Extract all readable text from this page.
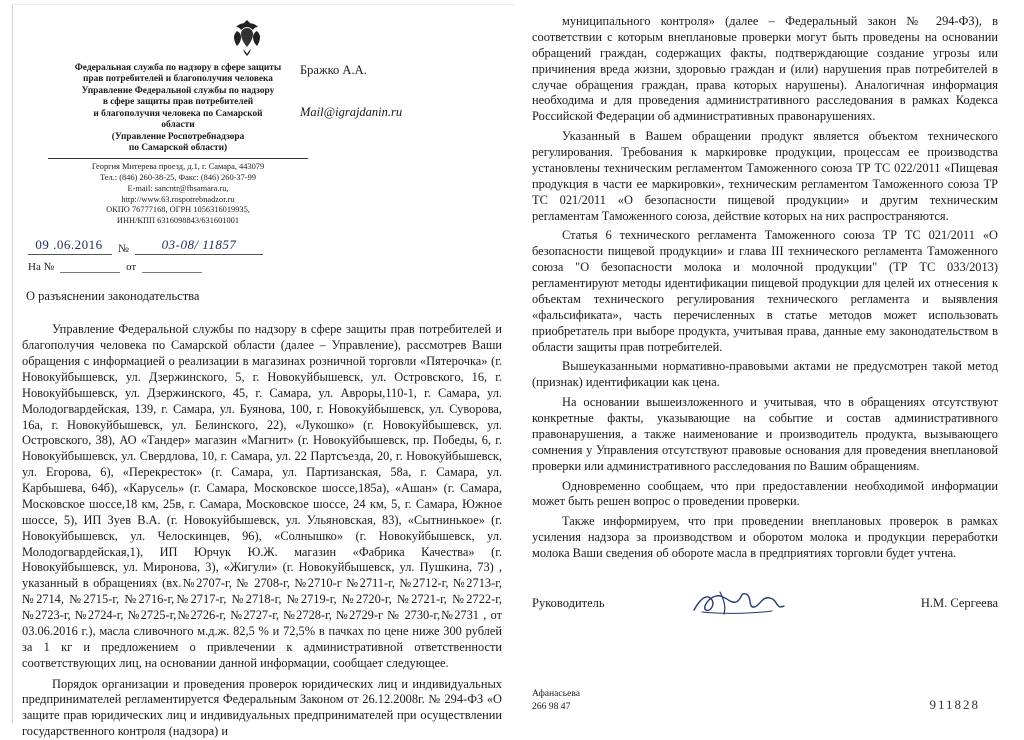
Федеральная служба по надзору в сфере защиты
прав потребителей и благополучия человека
Управление Федеральной службы по надзору
в сфере защиты прав потребителей
и благополучия человека по Самарской
области
(Управление Роспотребнадзора
по Самарской области)
Георгия Митерева проезд, д.1, г. Самара, 443079
Тел.: (846) 260-38-25, Факс: (846) 260-37-99
E-mail: sancntr@fbsamara.ru,
http://www.63.rospotrebnadzor.ru
ОКПО 76777168, ОГРН 1056316019935,
ИНН/КПП 6316098843/631601001
Бражко А.А.
Mail@igrajdanin.ru
09 .06.2016	№	03-08/ 11857
На №	от
О разъяснении законодательства

Управление Федеральной службы по надзору в сфере защиты прав потребителей и благополучия человека по Самарской области (далее – Управление), рассмотрев Ваши обращения с информацией о реализации в магазинах розничной торговли «Пятерочка» (г. Новокуйбышевск, ул. Дзержинского, 5, г. Новокуйбышевск, ул. Островского, 16, г. Новокуйбышевск, ул. Дзержинского, 45, г. Самара, ул. Авроры,110-1, г. Самара, ул. Молодогвардейская, 139, г. Самара, ул. Буянова, 100, г. Новокуйбышевск, ул. Суворова, 16а, г. Новокуйбышевск, ул. Белинского, 22), «Лукошко» (г. Новокуйбышевск, ул. Островского, 38), АО «Тандер» магазин «Магнит» (г. Новокуйбышевск, пр. Победы, 6, г. Новокуйбышевск, ул. Свердлова, 10, г. Самара, ул. 22 Партсъезда, 20, г. Новокуйбышевск, ул. Егорова, 6), «Перекресток» (г. Самара, ул. Партизанская, 58а, г. Самара, ул. Карбышева, 64б), «Карусель» (г. Самара, Московское шоссе,185а), «Ашан» (г. Самара, Московское шоссе,18 км, 25в, г. Самара, Московское шоссе, 24 км, 5, г. Самара, Южное шоссе, 5), ИП Зуев В.А. (г. Новокуйбышевск, ул. Ульяновская, 83), «Сытнинькое» (г. Новокуйбышевск, ул. Челоскинцев, 96), «Солнышко» (г. Новокуйбышевск, ул. Молодогвардейская,1), ИП Юрчук Ю.Ж. магазин «Фабрика Качества» (г. Новокуйбышевск, ул. Миронова, 3), «Жигули» (г. Новокуйбышевск, ул. Пушкина, 73) , указанный в обращениях (вх.№2707-г, № 2708-г, №2710-г №2711-г, №2712-г, №2713-г, №2714, №2715-г, №2716-г,№2717-г, №2718-г, №2719-г, №2720-г, №2721-г, №2722-г, №2723-г, №2724-г, №2725-г,№2726-г, №2727-г, №2728-г, №2729-г № 2730-г,№2731 , от 03.06.2016 г.), масла сливочного м.д.ж. 82,5 % и 72,5% в пачках по цене ниже 300 рублей за 1 кг и предложением о привлечении к административной ответственности соответствующих лиц, на основании данной информации, сообщает следующее.

Порядок организации и проведения проверок юридических лиц и индивидуальных предпринимателей регламентируется Федеральным Законом от 26.12.2008г. № 294-ФЗ «О защите прав юридических лиц и индивидуальных предпринимателей при осуществлении государственного контроля (надзора) и

муниципального контроля» (далее – Федеральный закон № 294-ФЗ), в соответствии с которым внеплановые проверки могут быть проведены на основании обращений граждан, содержащих факты, подтверждающие создание угрозы или причинения вреда жизни, здоровью граждан и (или) нарушения прав потребителей в случае обращения граждан, права которых нарушены). Аналогичная информация необходима и для проведения административного расследования в рамках Кодекса Российской Федерации об административных правонарушениях.

Указанный в Вашем обращении продукт является объектом технического регулирования. Требования к маркировке продукции, процессам ее производства установлены техническим регламентом Таможенного союза ТР ТС 022/2011 «Пищевая продукция в части ее маркировки», техническим регламентом Таможенного союза ТР ТС 021/2011 «О безопасности пищевой продукции» и другим техническим регламентам Таможенного союза, действие которых на них распространяются.

Статья 6 технического регламента Таможенного союза ТР ТС 021/2011 «О безопасности пищевой продукции» и глава III технического регламента Таможенного союза "О безопасности молока и молочной продукции" (ТР ТС 033/2013) регламентируют методы идентификации пищевой продукции для целей их отнесения к объектам технического регулирования технического регламента и выявления «фальсификата», часть перечисленных в статье методов может использовать приобретатель при выборе продукта, учитывая права, данные ему законодательством в области защиты прав потребителей.

Вышеуказанными нормативно-правовыми актами не предусмотрен такой метод (признак) идентификации как цена.

На основании вышеизложенного и учитывая, что в обращениях отсутствуют конкретные факты, указывающие на событие и состав административного правонарушения, а также наименование и производитель продукта, вызывающего сомнения у Управления отсутствуют правовые основания для проведения внеплановой проверки или административного расследования по Вашим обращениям.

Одновременно сообщаем, что при предоставлении необходимой информации может быть решен вопрос о проведении проверки.

Также информируем, что при проведении внеплановых проверок в рамках усиления надзора за производством и оборотом молока и продукции переработки молока Ваши сведения об обороте масла в предприятиях торговли будет учтена.

Руководитель	Н.М. Сергеева
Афанасьева
266 98 47	911828
